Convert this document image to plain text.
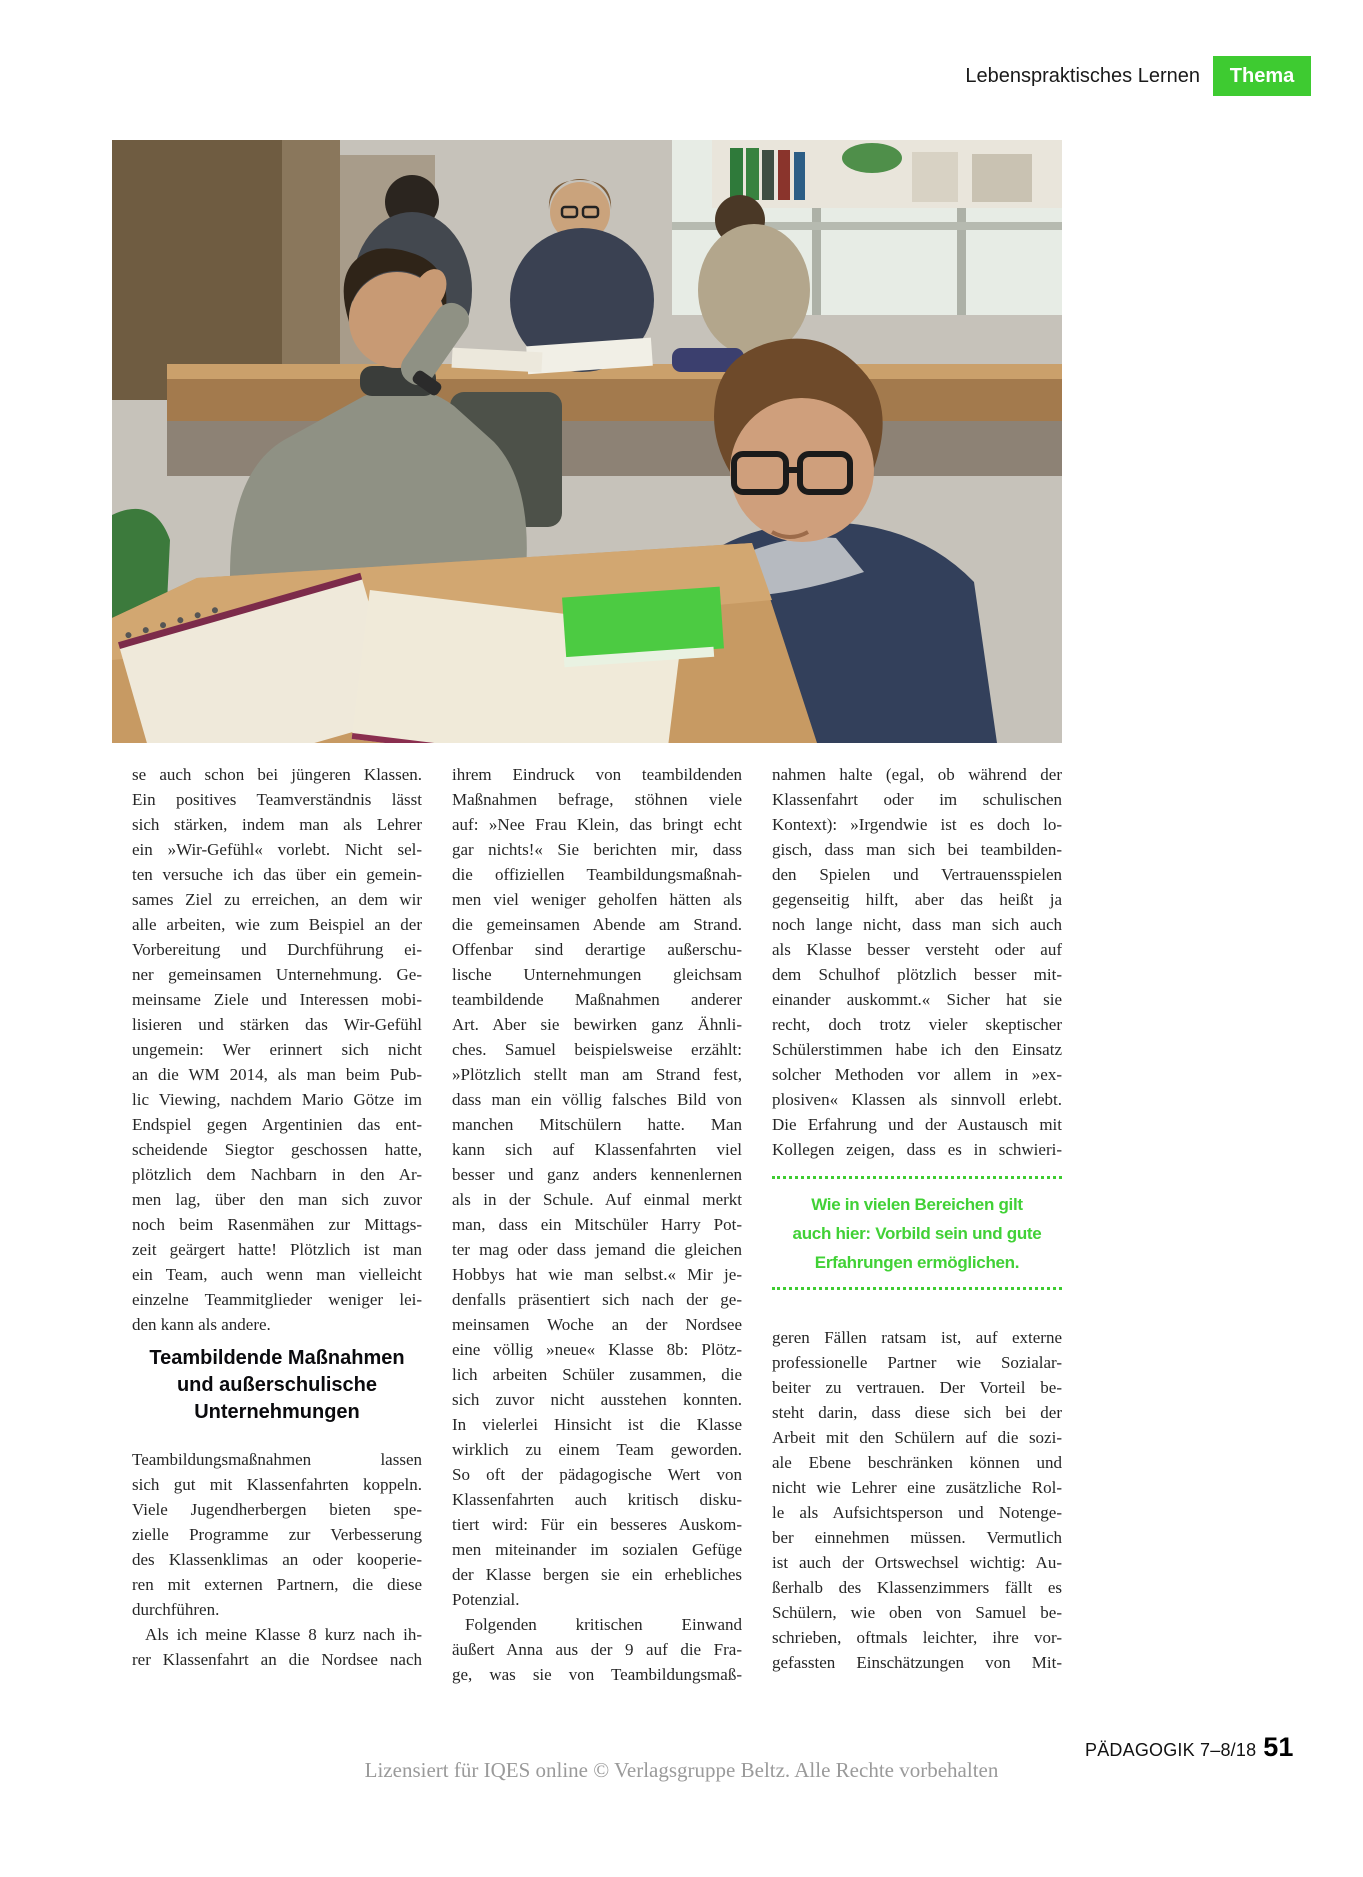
Lebenspraktisches Lernen	Thema
se auch schon bei jüngeren Klassen.
Ein positives Teamverständnis lässt
sich stärken, indem man als Lehrer
ein »Wir-Gefühl« vorlebt. Nicht sel-
ten versuche ich das über ein gemein-
sames Ziel zu erreichen, an dem wir
alle arbeiten, wie zum Beispiel an der
Vorbereitung und Durchführung ei-
ner gemeinsamen Unternehmung. Ge-
meinsame Ziele und Interessen mobi-
lisieren und stärken das Wir-Gefühl
ungemein: Wer erinnert sich nicht
an die WM 2014, als man beim Pub-
lic Viewing, nachdem Mario Götze im
Endspiel gegen Argentinien das ent-
scheidende Siegtor geschossen hatte,
plötzlich dem Nachbarn in den Ar-
men lag, über den man sich zuvor
noch beim Rasenmähen zur Mittags-
zeit geärgert hatte! Plötzlich ist man
ein Team, auch wenn man vielleicht
einzelne Teammitglieder weniger lei-
den kann als andere.
Teambildende Maßnahmen
und außerschulische
Unternehmungen
Teambildungsmaßnahmen lassen
sich gut mit Klassenfahrten koppeln.
Viele Jugendherbergen bieten spe-
zielle Programme zur Verbesserung
des Klassenklimas an oder kooperie-
ren mit externen Partnern, die diese
durchführen.
Als ich meine Klasse 8 kurz nach ih-
rer Klassenfahrt an die Nordsee nach
ihrem Eindruck von teambildenden
Maßnahmen befrage, stöhnen viele
auf: »Nee Frau Klein, das bringt echt
gar nichts!« Sie berichten mir, dass
die offiziellen Teambildungsmaßnah-
men viel weniger geholfen hätten als
die gemeinsamen Abende am Strand.
Offenbar sind derartige außerschu-
lische Unternehmungen gleichsam
teambildende Maßnahmen anderer
Art. Aber sie bewirken ganz Ähnli-
ches. Samuel beispielsweise erzählt:
»Plötzlich stellt man am Strand fest,
dass man ein völlig falsches Bild von
manchen Mitschülern hatte. Man
kann sich auf Klassenfahrten viel
besser und ganz anders kennenlernen
als in der Schule. Auf einmal merkt
man, dass ein Mitschüler Harry Pot-
ter mag oder dass jemand die gleichen
Hobbys hat wie man selbst.« Mir je-
denfalls präsentiert sich nach der ge-
meinsamen Woche an der Nordsee
eine völlig »neue« Klasse 8b: Plötz-
lich arbeiten Schüler zusammen, die
sich zuvor nicht ausstehen konnten.
In vielerlei Hinsicht ist die Klasse
wirklich zu einem Team geworden.
So oft der pädagogische Wert von
Klassenfahrten auch kritisch disku-
tiert wird: Für ein besseres Auskom-
men miteinander im sozialen Gefüge
der Klasse bergen sie ein erhebliches
Potenzial.
Folgenden kritischen Einwand
äußert Anna aus der 9 auf die Fra-
ge, was sie von Teambildungsmaß-
nahmen halte (egal, ob während der
Klassenfahrt oder im schulischen
Kontext): »Irgendwie ist es doch lo-
gisch, dass man sich bei teambilden-
den Spielen und Vertrauensspielen
gegenseitig hilft, aber das heißt ja
noch lange nicht, dass man sich auch
als Klasse besser versteht oder auf
dem Schulhof plötzlich besser mit-
einander auskommt.« Sicher hat sie
recht, doch trotz vieler skeptischer
Schülerstimmen habe ich den Einsatz
solcher Methoden vor allem in »ex-
plosiven« Klassen als sinnvoll erlebt.
Die Erfahrung und der Austausch mit
Kollegen zeigen, dass es in schwieri-
Wie in vielen Bereichen gilt
auch hier: Vorbild sein und gute
Erfahrungen ermöglichen.
geren Fällen ratsam ist, auf externe
professionelle Partner wie Sozialar-
beiter zu vertrauen. Der Vorteil be-
steht darin, dass diese sich bei der
Arbeit mit den Schülern auf die sozi-
ale Ebene beschränken können und
nicht wie Lehrer eine zusätzliche Rol-
le als Aufsichtsperson und Notenge-
ber einnehmen müssen. Vermutlich
ist auch der Ortswechsel wichtig: Au-
ßerhalb des Klassenzimmers fällt es
Schülern, wie oben von Samuel be-
schrieben, oftmals leichter, ihre vor-
gefassten Einschätzungen von Mit-
Lizensiert für IQES online © Verlagsgruppe Beltz. Alle Rechte vorbehalten
PÄDAGOGIK 7–8/18 51
